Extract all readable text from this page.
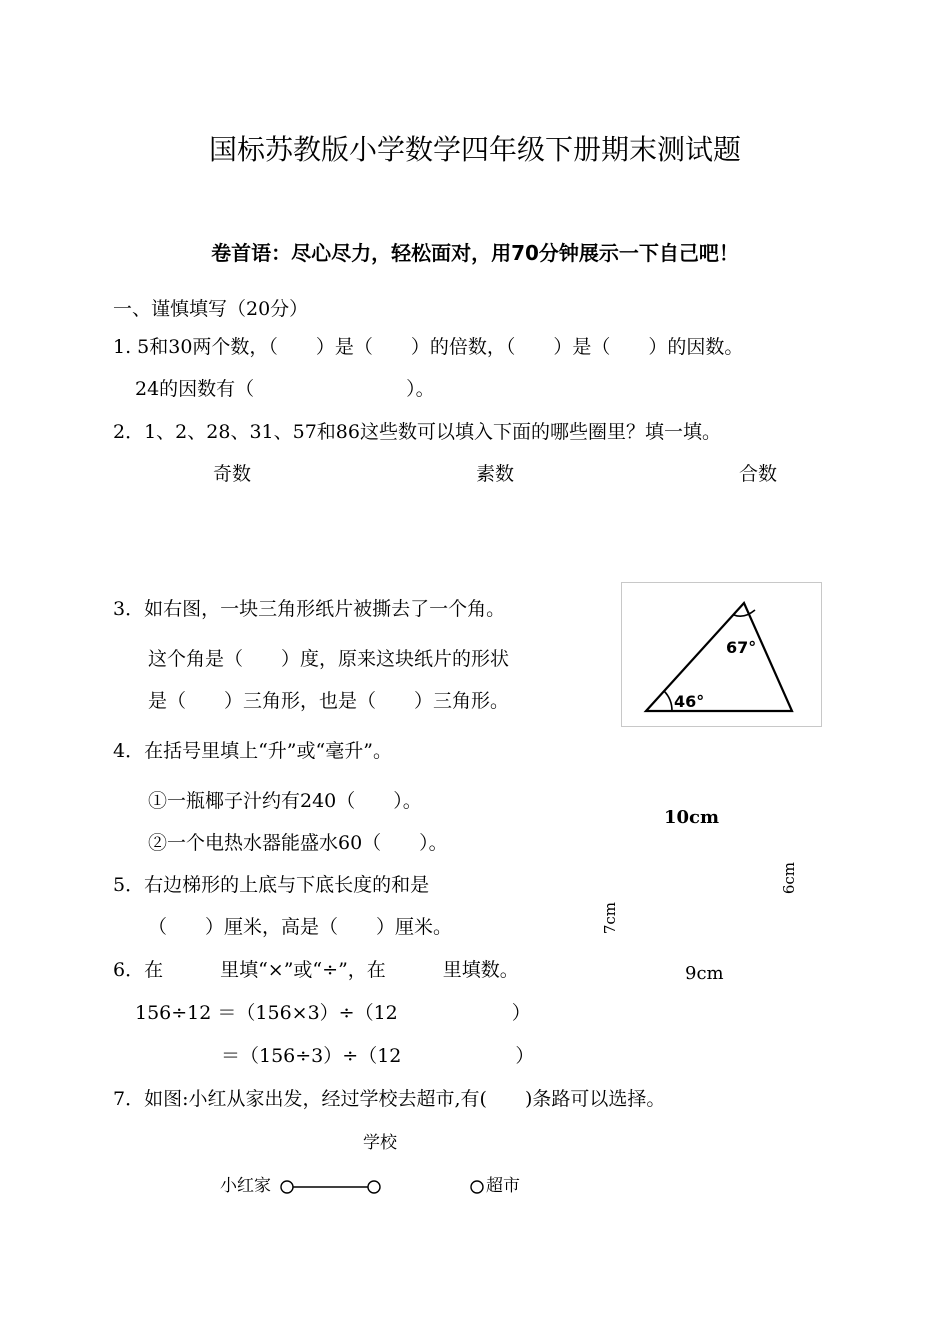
国标苏教版小学数学四年级下册期末测试题
卷首语：尽心尽力，轻松面对，用70分钟展示一下自己吧！
一、谨慎填写（20分）
1. 5和30两个数，（　　）是（　　）的倍数，（　　）是（　　）的因数。
24的因数有（　　　　　　　　）。
2．1、2、28、31、57和86这些数可以填入下面的哪些圈里？填一填。
奇数	素数	合数
3．如右图，一块三角形纸片被撕去了一个角。
这个角是（　　）度，原来这块纸片的形状
是（　　）三角形，也是（　　）三角形。
67°
46°
4．在括号里填上“升”或“毫升”。
①一瓶椰子汁约有240（　　）。
②一个电热水器能盛水60（　　）。
10cm
5．右边梯形的上底与下底长度的和是
（　　）厘米，高是（　　）厘米。
6cm
7cm
9cm
6．在　　　里填“×”或“÷”，在　　　里填数。
156÷12 ＝（156×3）÷（12　　　　　　）
＝（156÷3）÷（12　　　　　　）
7．如图:小红从家出发，经过学校去超市,有(　　)条路可以选择。
学校
小红家	超市
